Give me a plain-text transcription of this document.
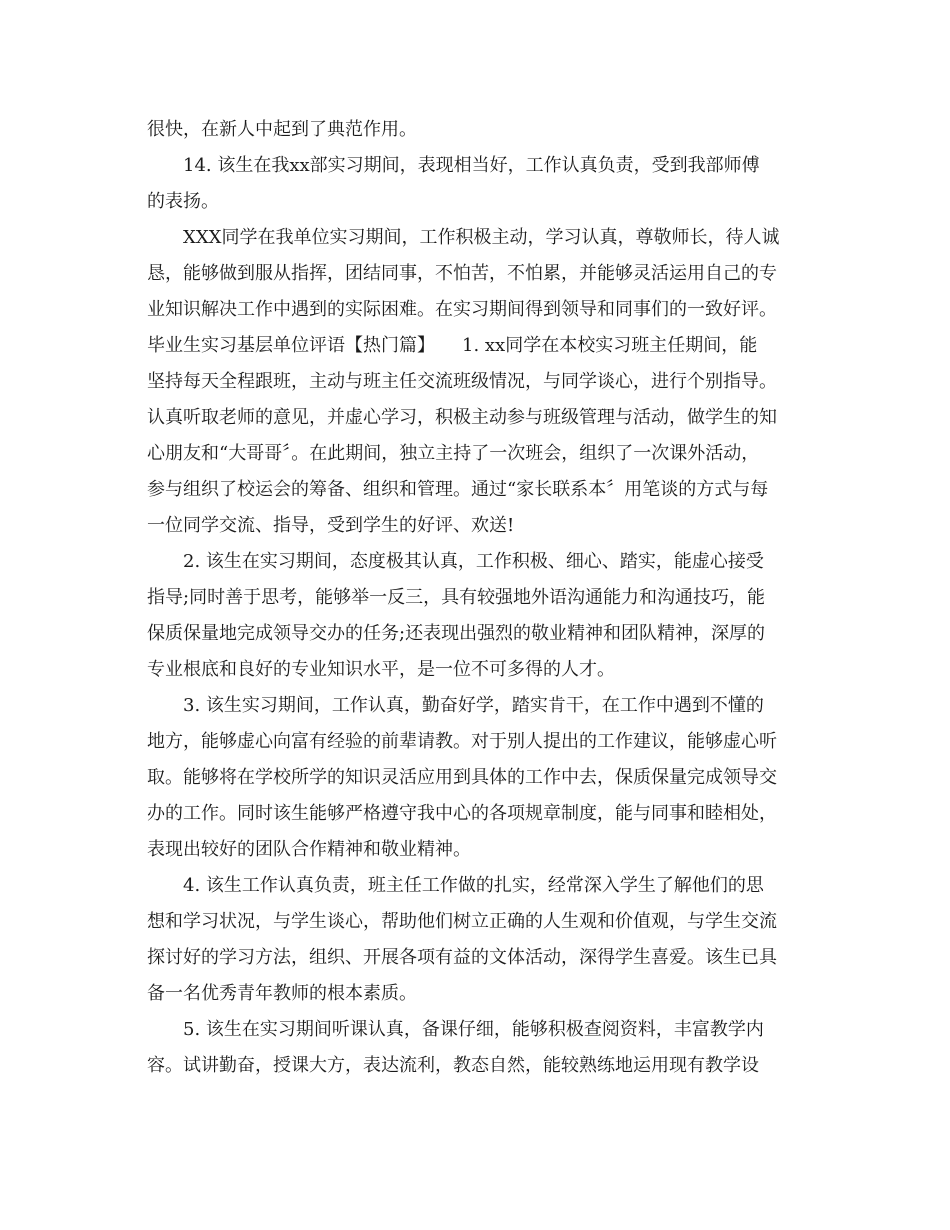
很快，在新人中起到了典范作用。
14. 该生在我xx部实习期间，表现相当好，工作认真负责，受到我部师傅
的表扬。
XXX同学在我单位实习期间，工作积极主动，学习认真，尊敬师长，待人诚
恳，能够做到服从指挥，团结同事，不怕苦，不怕累，并能够灵活运用自己的专
业知识解决工作中遇到的实际困难。在实习期间得到领导和同事们的一致好评。
毕业生实习基层单位评语【热门篇】　　1. xx同学在本校实习班主任期间，能
坚持每天全程跟班，主动与班主任交流班级情况，与同学谈心，进行个别指导。
认真听取老师的意见，并虚心学习，积极主动参与班级管理与活动，做学生的知
心朋友和“大哥哥〞。在此期间，独立主持了一次班会，组织了一次课外活动，
参与组织了校运会的筹备、组织和管理。通过“家长联系本〞用笔谈的方式与每
一位同学交流、指导，受到学生的好评、欢送!
2. 该生在实习期间，态度极其认真，工作积极、细心、踏实，能虚心接受
指导;同时善于思考，能够举一反三，具有较强地外语沟通能力和沟通技巧，能
保质保量地完成领导交办的任务;还表现出强烈的敬业精神和团队精神，深厚的
专业根底和良好的专业知识水平，是一位不可多得的人才。
3. 该生实习期间，工作认真，勤奋好学，踏实肯干，在工作中遇到不懂的
地方，能够虚心向富有经验的前辈请教。对于别人提出的工作建议，能够虚心听
取。能够将在学校所学的知识灵活应用到具体的工作中去，保质保量完成领导交
办的工作。同时该生能够严格遵守我中心的各项规章制度，能与同事和睦相处，
表现出较好的团队合作精神和敬业精神。
4. 该生工作认真负责，班主任工作做的扎实，经常深入学生了解他们的思
想和学习状况，与学生谈心，帮助他们树立正确的人生观和价值观，与学生交流
探讨好的学习方法，组织、开展各项有益的文体活动，深得学生喜爱。该生已具
备一名优秀青年教师的根本素质。
5. 该生在实习期间听课认真，备课仔细，能够积极查阅资料，丰富教学内
容。试讲勤奋，授课大方，表达流利，教态自然，能较熟练地运用现有教学设
